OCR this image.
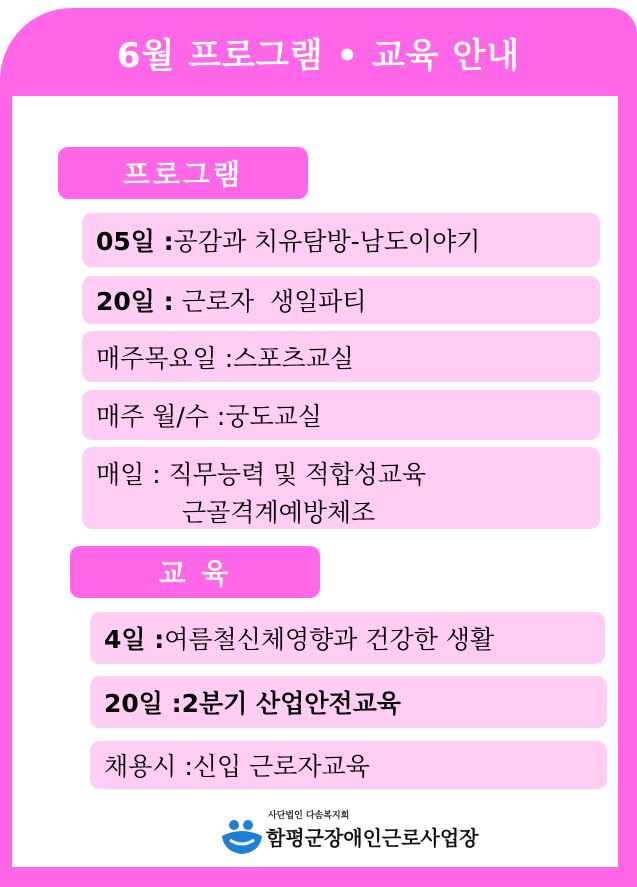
6월 프로그램 • 교육 안내
프로그램
05일 : 공감과 치유탐방-남도이야기
20일 : 근로자  생일파티
매주목요일 : 스포츠교실
매주 월/수 : 궁도교실
매일 : 직무능력 및 적합성교육
근골격계예방체조
교 육
4일 : 여름철신체영향과 건강한 생활
20일 : 2분기 산업안전교육
채용시 : 신입 근로자교육
사단법인 다솜복지회
함평군장애인근로사업장
